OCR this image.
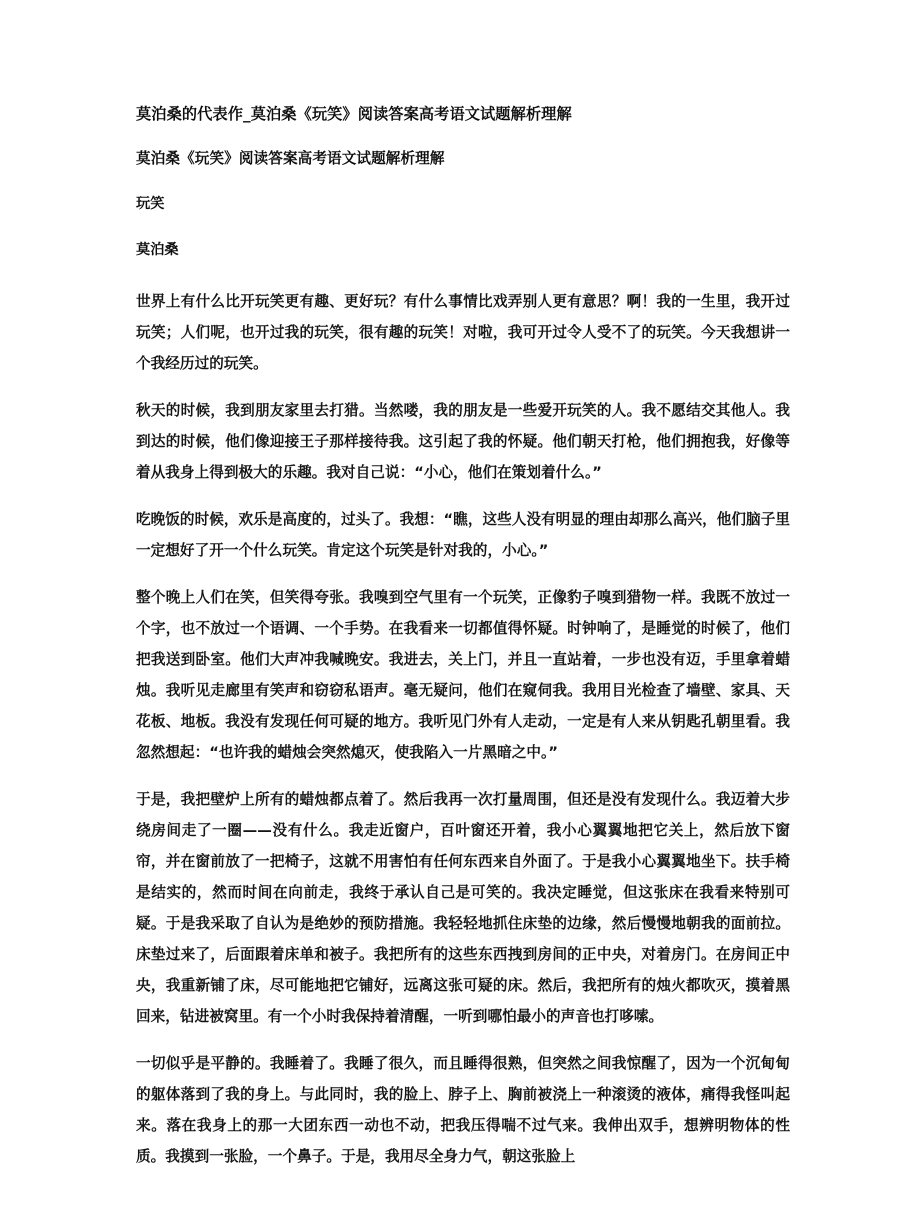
莫泊桑的代表作_莫泊桑《玩笑》阅读答案高考语文试题解析理解
莫泊桑《玩笑》阅读答案高考语文试题解析理解
玩笑
莫泊桑

世界上有什么比开玩笑更有趣、更好玩？有什么事情比戏弄别人更有意思？啊！我的一生里，我开过玩笑；人们呢，也开过我的玩笑，很有趣的玩笑！对啦，我可开过令人受不了的玩笑。今天我想讲一个我经历过的玩笑。

秋天的时候，我到朋友家里去打猎。当然喽，我的朋友是一些爱开玩笑的人。我不愿结交其他人。我到达的时候，他们像迎接王子那样接待我。这引起了我的怀疑。他们朝天打枪，他们拥抱我，好像等着从我身上得到极大的乐趣。我对自己说：“小心，他们在策划着什么。”

吃晚饭的时候，欢乐是高度的，过头了。我想：“瞧，这些人没有明显的理由却那么高兴，他们脑子里一定想好了开一个什么玩笑。肯定这个玩笑是针对我的，小心。”

整个晚上人们在笑，但笑得夸张。我嗅到空气里有一个玩笑，正像豹子嗅到猎物一样。我既不放过一个字，也不放过一个语调、一个手势。在我看来一切都值得怀疑。时钟响了，是睡觉的时候了，他们把我送到卧室。他们大声冲我喊晚安。我进去，关上门，并且一直站着，一步也没有迈，手里拿着蜡烛。我听见走廊里有笑声和窃窃私语声。毫无疑问，他们在窥伺我。我用目光检查了墙壁、家具、天花板、地板。我没有发现任何可疑的地方。我听见门外有人走动，一定是有人来从钥匙孔朝里看。我忽然想起：“也许我的蜡烛会突然熄灭，使我陷入一片黑暗之中。”

于是，我把壁炉上所有的蜡烛都点着了。然后我再一次打量周围，但还是没有发现什么。我迈着大步绕房间走了一圈——没有什么。我走近窗户，百叶窗还开着，我小心翼翼地把它关上，然后放下窗帘，并在窗前放了一把椅子，这就不用害怕有任何东西来自外面了。于是我小心翼翼地坐下。扶手椅是结实的，然而时间在向前走，我终于承认自己是可笑的。我决定睡觉，但这张床在我看来特别可疑。于是我采取了自认为是绝妙的预防措施。我轻轻地抓住床垫的边缘，然后慢慢地朝我的面前拉。床垫过来了，后面跟着床单和被子。我把所有的这些东西拽到房间的正中央，对着房门。在房间正中央，我重新铺了床，尽可能地把它铺好，远离这张可疑的床。然后，我把所有的烛火都吹灭，摸着黑回来，钻进被窝里。有一个小时我保持着清醒，一听到哪怕最小的声音也打哆嗦。

一切似乎是平静的。我睡着了。我睡了很久，而且睡得很熟，但突然之间我惊醒了，因为一个沉甸甸的躯体落到了我的身上。与此同时，我的脸上、脖子上、胸前被浇上一种滚烫的液体，痛得我怪叫起来。落在我身上的那一大团东西一动也不动，把我压得喘不过气来。我伸出双手，想辨明物体的性质。我摸到一张脸，一个鼻子。于是，我用尽全身力气，朝这张脸上
